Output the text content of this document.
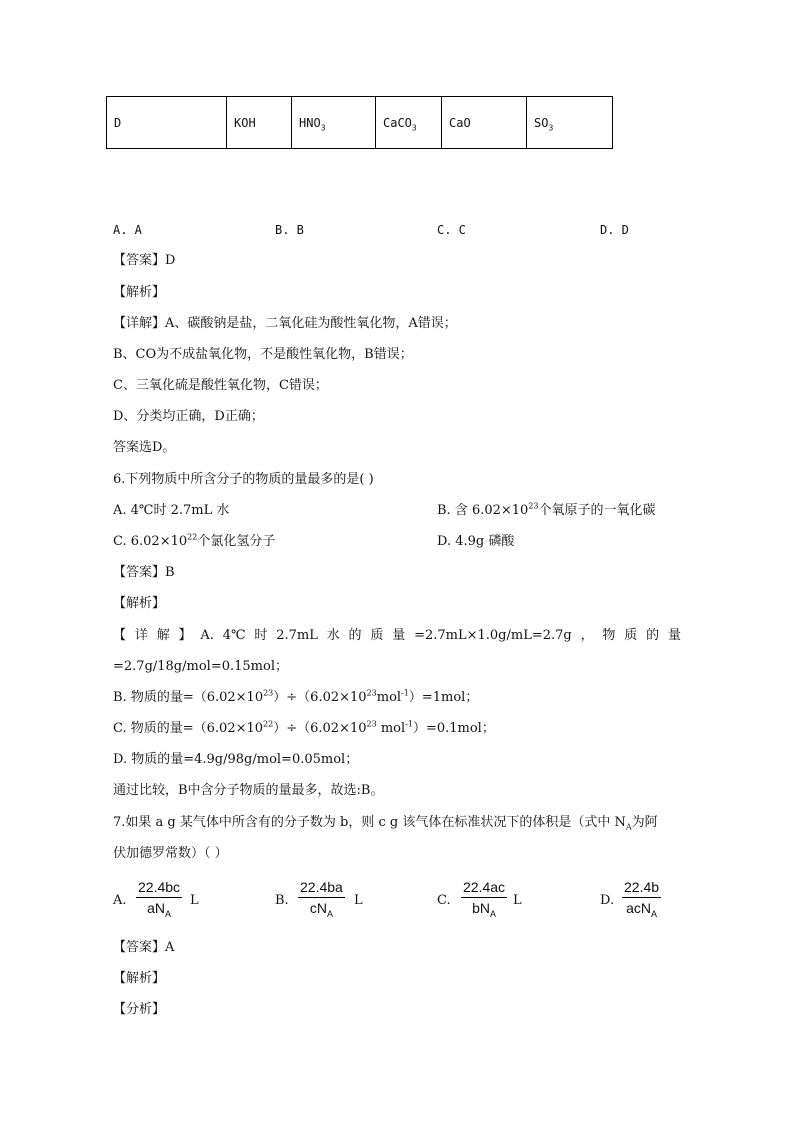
D	KOH	$HNO_3$	CaCO$_3$	CaO	$SO_3$
A. A	B. B	C. C	D. D
【答案】D
【解析】
【详解】A、碳酸钠是盐，二氧化硅为酸性氧化物，A错误；
B、CO为不成盐氧化物，不是酸性氧化物，B错误；
C、三氧化硫是酸性氧化物，C错误；
D、分类均正确，D正确；
答案选D。
6.下列物质中所含分子的物质的量最多的是( )
A. 4℃时 2.7mL 水	B. 含 $6.02\times 10^{23}$个氧原子的一氧化碳
C. $6.02\times 10^{22}$个氯化氢分子	D. 4.9g 磷酸
【答案】B
【解析】
【 详 解 】 A. 4℃ 时 2.7mL 水 的 质 量 =2.7mL×1.0g/mL=2.7g ， 物 质 的 量
=2.7g/18g/mol=0.15mol；
B. 物质的量$=(6.02\times 10^{23})\div(6.02\times 10^{23}mol^{-1})=1mol$；
C. 物质的量$=(6.02\times 10^{22})\div(6.02\times 10^{23}$ mol$^{-1}$）=0.1mol；
D. 物质的量=4.9g/98g/mol=0.05mol；
通过比较，B中含分子物质的量最多，故选:B。
7.如果 a g 某气体中所含有的分子数为 b，则 c g 该气体在标准状况下的体积是（式中 $N_A$为阿
伏加德罗常数）（ ）
A.
22.4bc
$aN_A$
L	B.
22.4ba
$cN_A$
L	C.
22.4ac
$bN_A$
L	D.
22.4b
acN$_A$
【答案】A
【解析】
【分析】
